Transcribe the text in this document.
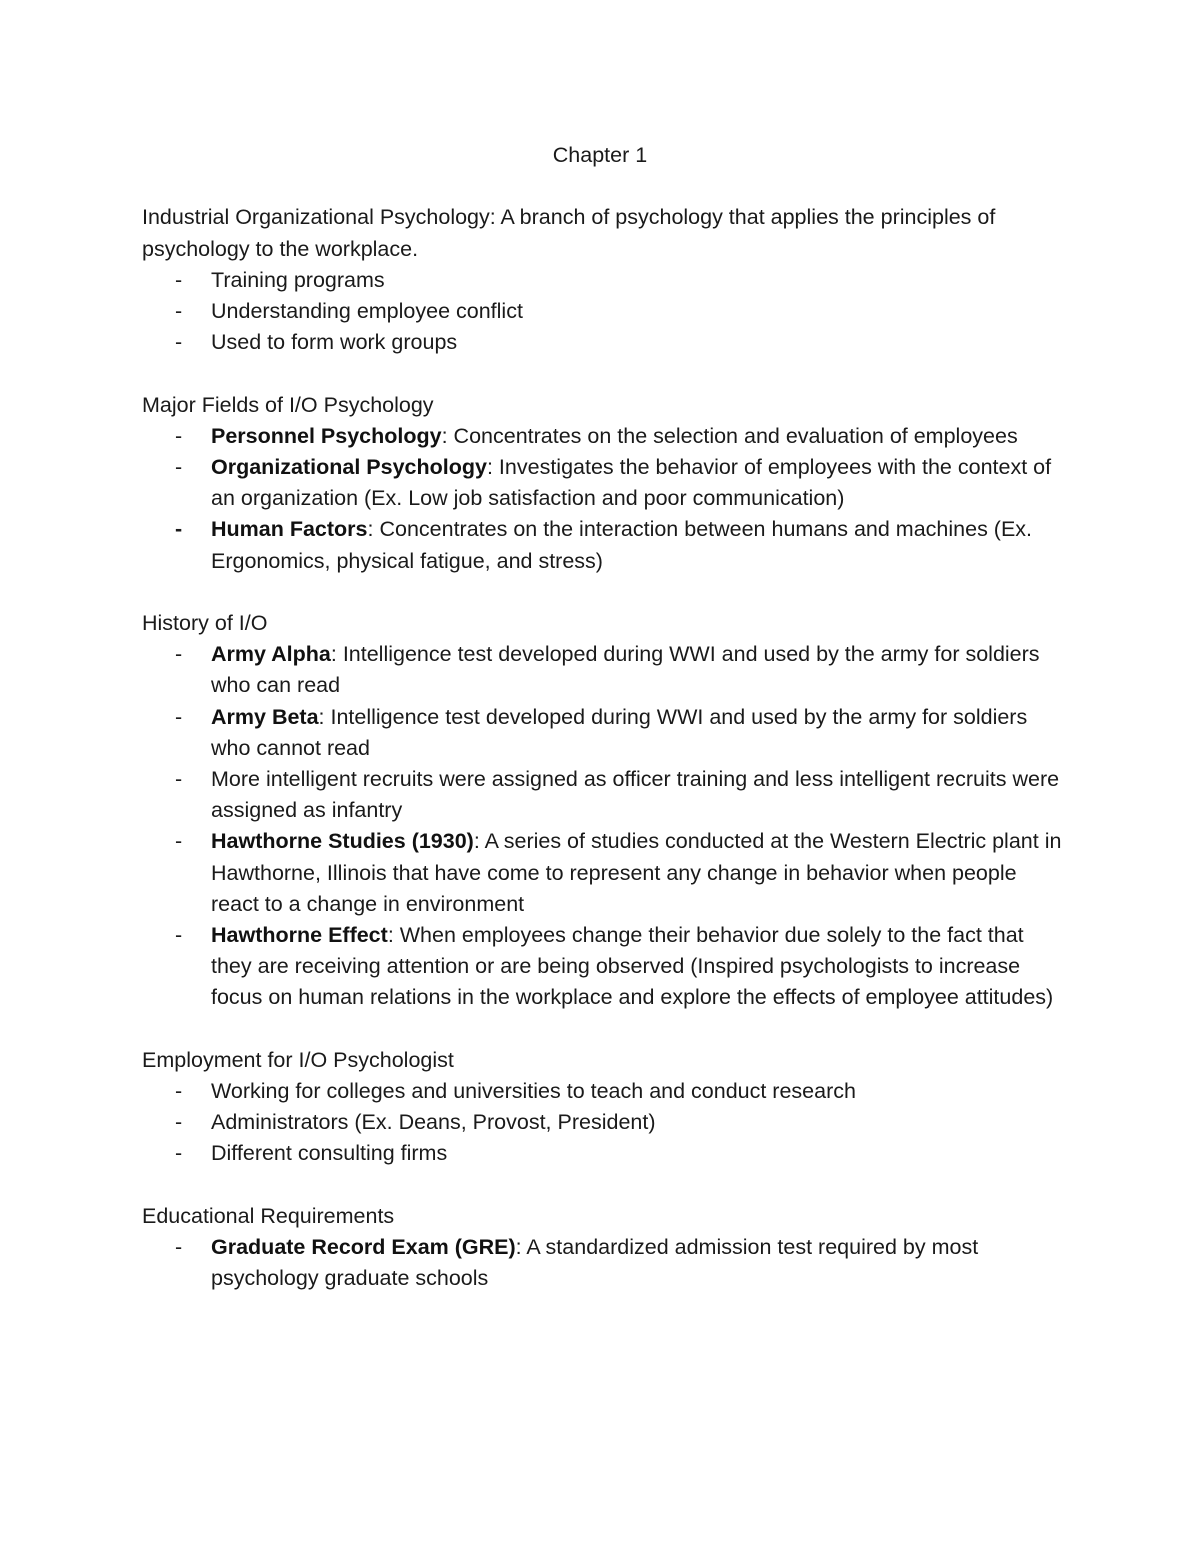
Chapter 1

Industrial Organizational Psychology: A branch of psychology that applies the principles of psychology to the workplace.

- Training programs
- Understanding employee conflict
- Used to form work groups

Major Fields of I/O Psychology

- Personnel Psychology: Concentrates on the selection and evaluation of employees
- Organizational Psychology: Investigates the behavior of employees with the context of an organization (Ex. Low job satisfaction and poor communication)
- Human Factors: Concentrates on the interaction between humans and machines (Ex. Ergonomics, physical fatigue, and stress)

History of I/O

- Army Alpha: Intelligence test developed during WWI and used by the army for soldiers who can read
- Army Beta: Intelligence test developed during WWI and used by the army for soldiers who cannot read
- More intelligent recruits were assigned as officer training and less intelligent recruits were assigned as infantry
- Hawthorne Studies (1930): A series of studies conducted at the Western Electric plant in Hawthorne, Illinois that have come to represent any change in behavior when people react to a change in environment
- Hawthorne Effect: When employees change their behavior due solely to the fact that they are receiving attention or are being observed (Inspired psychologists to increase focus on human relations in the workplace and explore the effects of employee attitudes)

Employment for I/O Psychologist

- Working for colleges and universities to teach and conduct research
- Administrators (Ex. Deans, Provost, President)
- Different consulting firms

Educational Requirements

- Graduate Record Exam (GRE): A standardized admission test required by most psychology graduate schools
